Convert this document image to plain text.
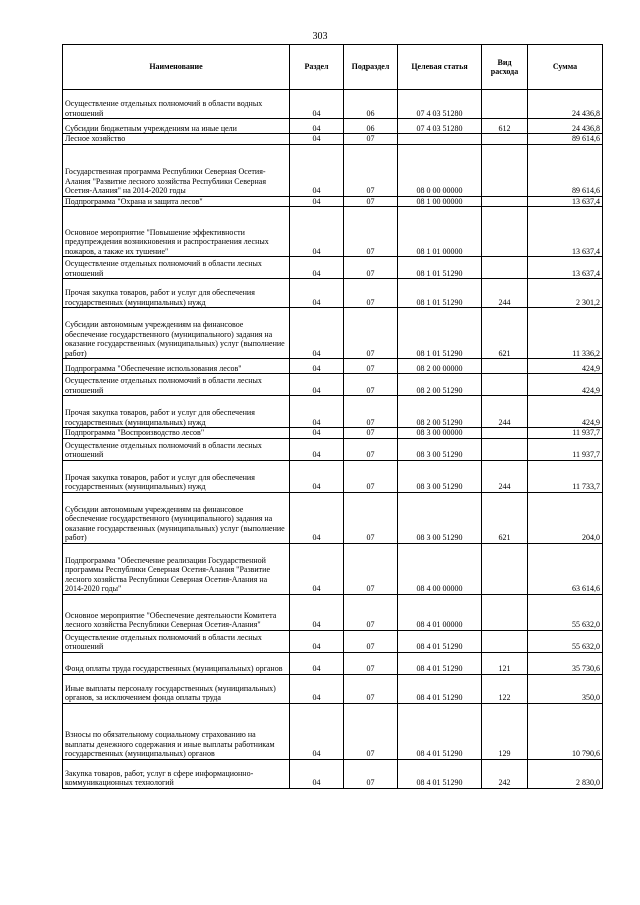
303
Наименование	Раздел	Подраздел	Целевая статья	Вид расхода	Сумма
Осуществление отдельных полномочий в области водных отношений	04	06	07 4 03 51280		24 436,8
Субсидии бюджетным учреждениям на иные цели	04	06	07 4 03 51280	612	24 436,8
Лесное хозяйство	04	07			89 614,6
Государственная программа Республики Северная Осетия-Алания "Развитие лесного хозяйства Республики Северная Осетия-Алания" на 2014-2020 годы	04	07	08 0 00 00000		89 614,6
Подпрограмма "Охрана и защита лесов"	04	07	08 1 00 00000		13 637,4
Основное мероприятие "Повышение эффективности предупреждения возникновения и распространения лесных пожаров, а также их тушение"	04	07	08 1 01 00000		13 637,4
Осуществление отдельных полномочий в области лесных отношений	04	07	08 1 01 51290		13 637,4
Прочая закупка товаров, работ и услуг для обеспечения государственных (муниципальных) нужд	04	07	08 1 01 51290	244	2 301,2
Субсидии автономным учреждениям на финансовое обеспечение государственного (муниципального) задания на оказание государственных (муниципальных) услуг (выполнение работ)	04	07	08 1 01 51290	621	11 336,2
Подпрограмма "Обеспечение использования лесов"	04	07	08 2 00 00000		424,9
Осуществление отдельных полномочий в области лесных отношений	04	07	08 2 00 51290		424,9
Прочая закупка товаров, работ и услуг для обеспечения государственных (муниципальных) нужд	04	07	08 2 00 51290	244	424,9
Подпрограмма "Воспроизводство лесов"	04	07	08 3 00 00000		11 937,7
Осуществление отдельных полномочий в области лесных отношений	04	07	08 3 00 51290		11 937,7
Прочая закупка товаров, работ и услуг для обеспечения государственных (муниципальных) нужд	04	07	08 3 00 51290	244	11 733,7
Субсидии автономным учреждениям на финансовое обеспечение государственного (муниципального) задания на оказание государственных (муниципальных) услуг (выполнение работ)	04	07	08 3 00 51290	621	204,0
Подпрограмма "Обеспечение реализации Государственной программы Республики Северная Осетия-Алания "Развитие лесного хозяйства Республики Северная Осетия-Алания на 2014-2020 годы"	04	07	08 4 00 00000		63 614,6
Основное мероприятие "Обеспечение деятельности Комитета лесного хозяйства Республики Северная Осетия-Алания"	04	07	08 4 01 00000		55 632,0
Осуществление отдельных полномочий в области лесных отношений	04	07	08 4 01 51290		55 632,0
Фонд оплаты труда государственных (муниципальных) органов	04	07	08 4 01 51290	121	35 730,6
Иные выплаты персоналу государственных (муниципальных) органов, за исключением фонда оплаты труда	04	07	08 4 01 51290	122	350,0
Взносы по обязательному социальному страхованию на выплаты денежного содержания и иные выплаты работникам государственных (муниципальных) органов	04	07	08 4 01 51290	129	10 790,6
Закупка товаров, работ, услуг в сфере информационно-коммуникационных технологий	04	07	08 4 01 51290	242	2 830,0
